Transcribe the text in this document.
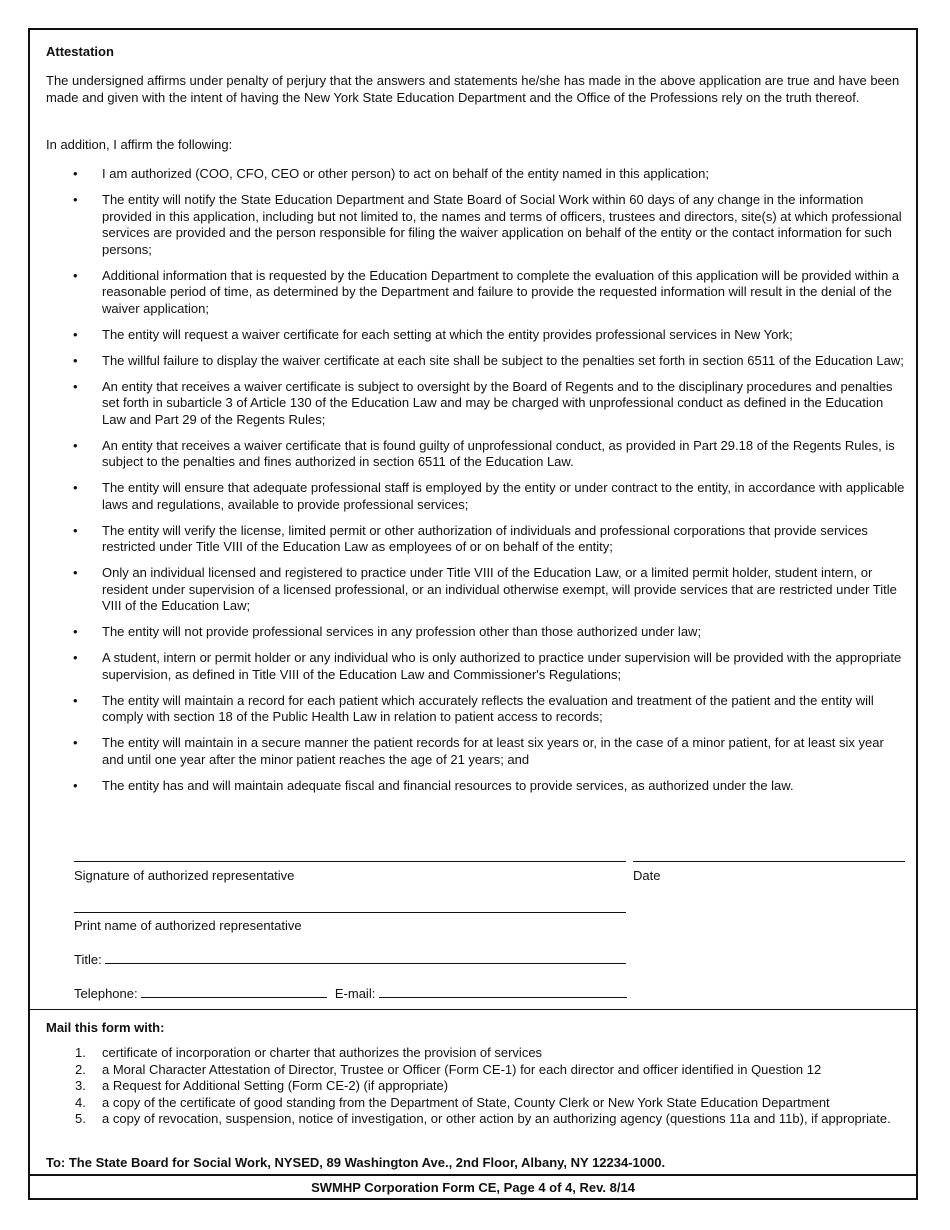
Attestation
The undersigned affirms under penalty of perjury that the answers and statements he/she has made in the above application are true and have been made and given with the intent of having the New York State Education Department and the Office of the Professions rely on the truth thereof.
In addition, I affirm the following:
• I am authorized (COO, CFO, CEO or other person) to act on behalf of the entity named in this application;
• The entity will notify the State Education Department and State Board of Social Work within 60 days of any change in the information provided in this application, including but not limited to, the names and terms of officers, trustees and directors, site(s) at which professional services are provided and the person responsible for filing the waiver application on behalf of the entity or the contact information for such persons;
• Additional information that is requested by the Education Department to complete the evaluation of this application will be provided within a reasonable period of time, as determined by the Department and failure to provide the requested information will result in the denial of the waiver application;
• The entity will request a waiver certificate for each setting at which the entity provides professional services in New York;
• The willful failure to display the waiver certificate at each site shall be subject to the penalties set forth in section 6511 of the Education Law;
• An entity that receives a waiver certificate is subject to oversight by the Board of Regents and to the disciplinary procedures and penalties set forth in subarticle 3 of Article 130 of the Education Law and may be charged with unprofessional conduct as defined in the Education Law and Part 29 of the Regents Rules;
• An entity that receives a waiver certificate that is found guilty of unprofessional conduct, as provided in Part 29.18 of the Regents Rules, is subject to the penalties and fines authorized in section 6511 of the Education Law.
• The entity will ensure that adequate professional staff is employed by the entity or under contract to the entity, in accordance with applicable laws and regulations, available to provide professional services;
• The entity will verify the license, limited permit or other authorization of individuals and professional corporations that provide services restricted under Title VIII of the Education Law as employees of or on behalf of the entity;
• Only an individual licensed and registered to practice under Title VIII of the Education Law, or a limited permit holder, student intern, or resident under supervision of a licensed professional, or an individual otherwise exempt, will provide services that are restricted under Title VIII of the Education Law;
• The entity will not provide professional services in any profession other than those authorized under law;
• A student, intern or permit holder or any individual who is only authorized to practice under supervision will be provided with the appropriate supervision, as defined in Title VIII of the Education Law and Commissioner's Regulations;
• The entity will maintain a record for each patient which accurately reflects the evaluation and treatment of the patient and the entity will comply with section 18 of the Public Health Law in relation to patient access to records;
• The entity will maintain in a secure manner the patient records for at least six years or, in the case of a minor patient, for at least six year and until one year after the minor patient reaches the age of 21 years; and
• The entity has and will maintain adequate fiscal and financial resources to provide services, as authorized under the law.
Signature of authorized representative	Date
Print name of authorized representative
Title:
Telephone:	E-mail:
Mail this form with:
1. certificate of incorporation or charter that authorizes the provision of services
2. a Moral Character Attestation of Director, Trustee or Officer (Form CE-1) for each director and officer identified in Question 12
3. a Request for Additional Setting (Form CE-2) (if appropriate)
4. a copy of the certificate of good standing from the Department of State, County Clerk or New York State Education Department
5. a copy of revocation, suspension, notice of investigation, or other action by an authorizing agency (questions 11a and 11b), if appropriate.
To: The State Board for Social Work, NYSED, 89 Washington Ave., 2nd Floor, Albany, NY 12234-1000.
SWMHP Corporation Form CE, Page 4 of 4, Rev. 8/14
